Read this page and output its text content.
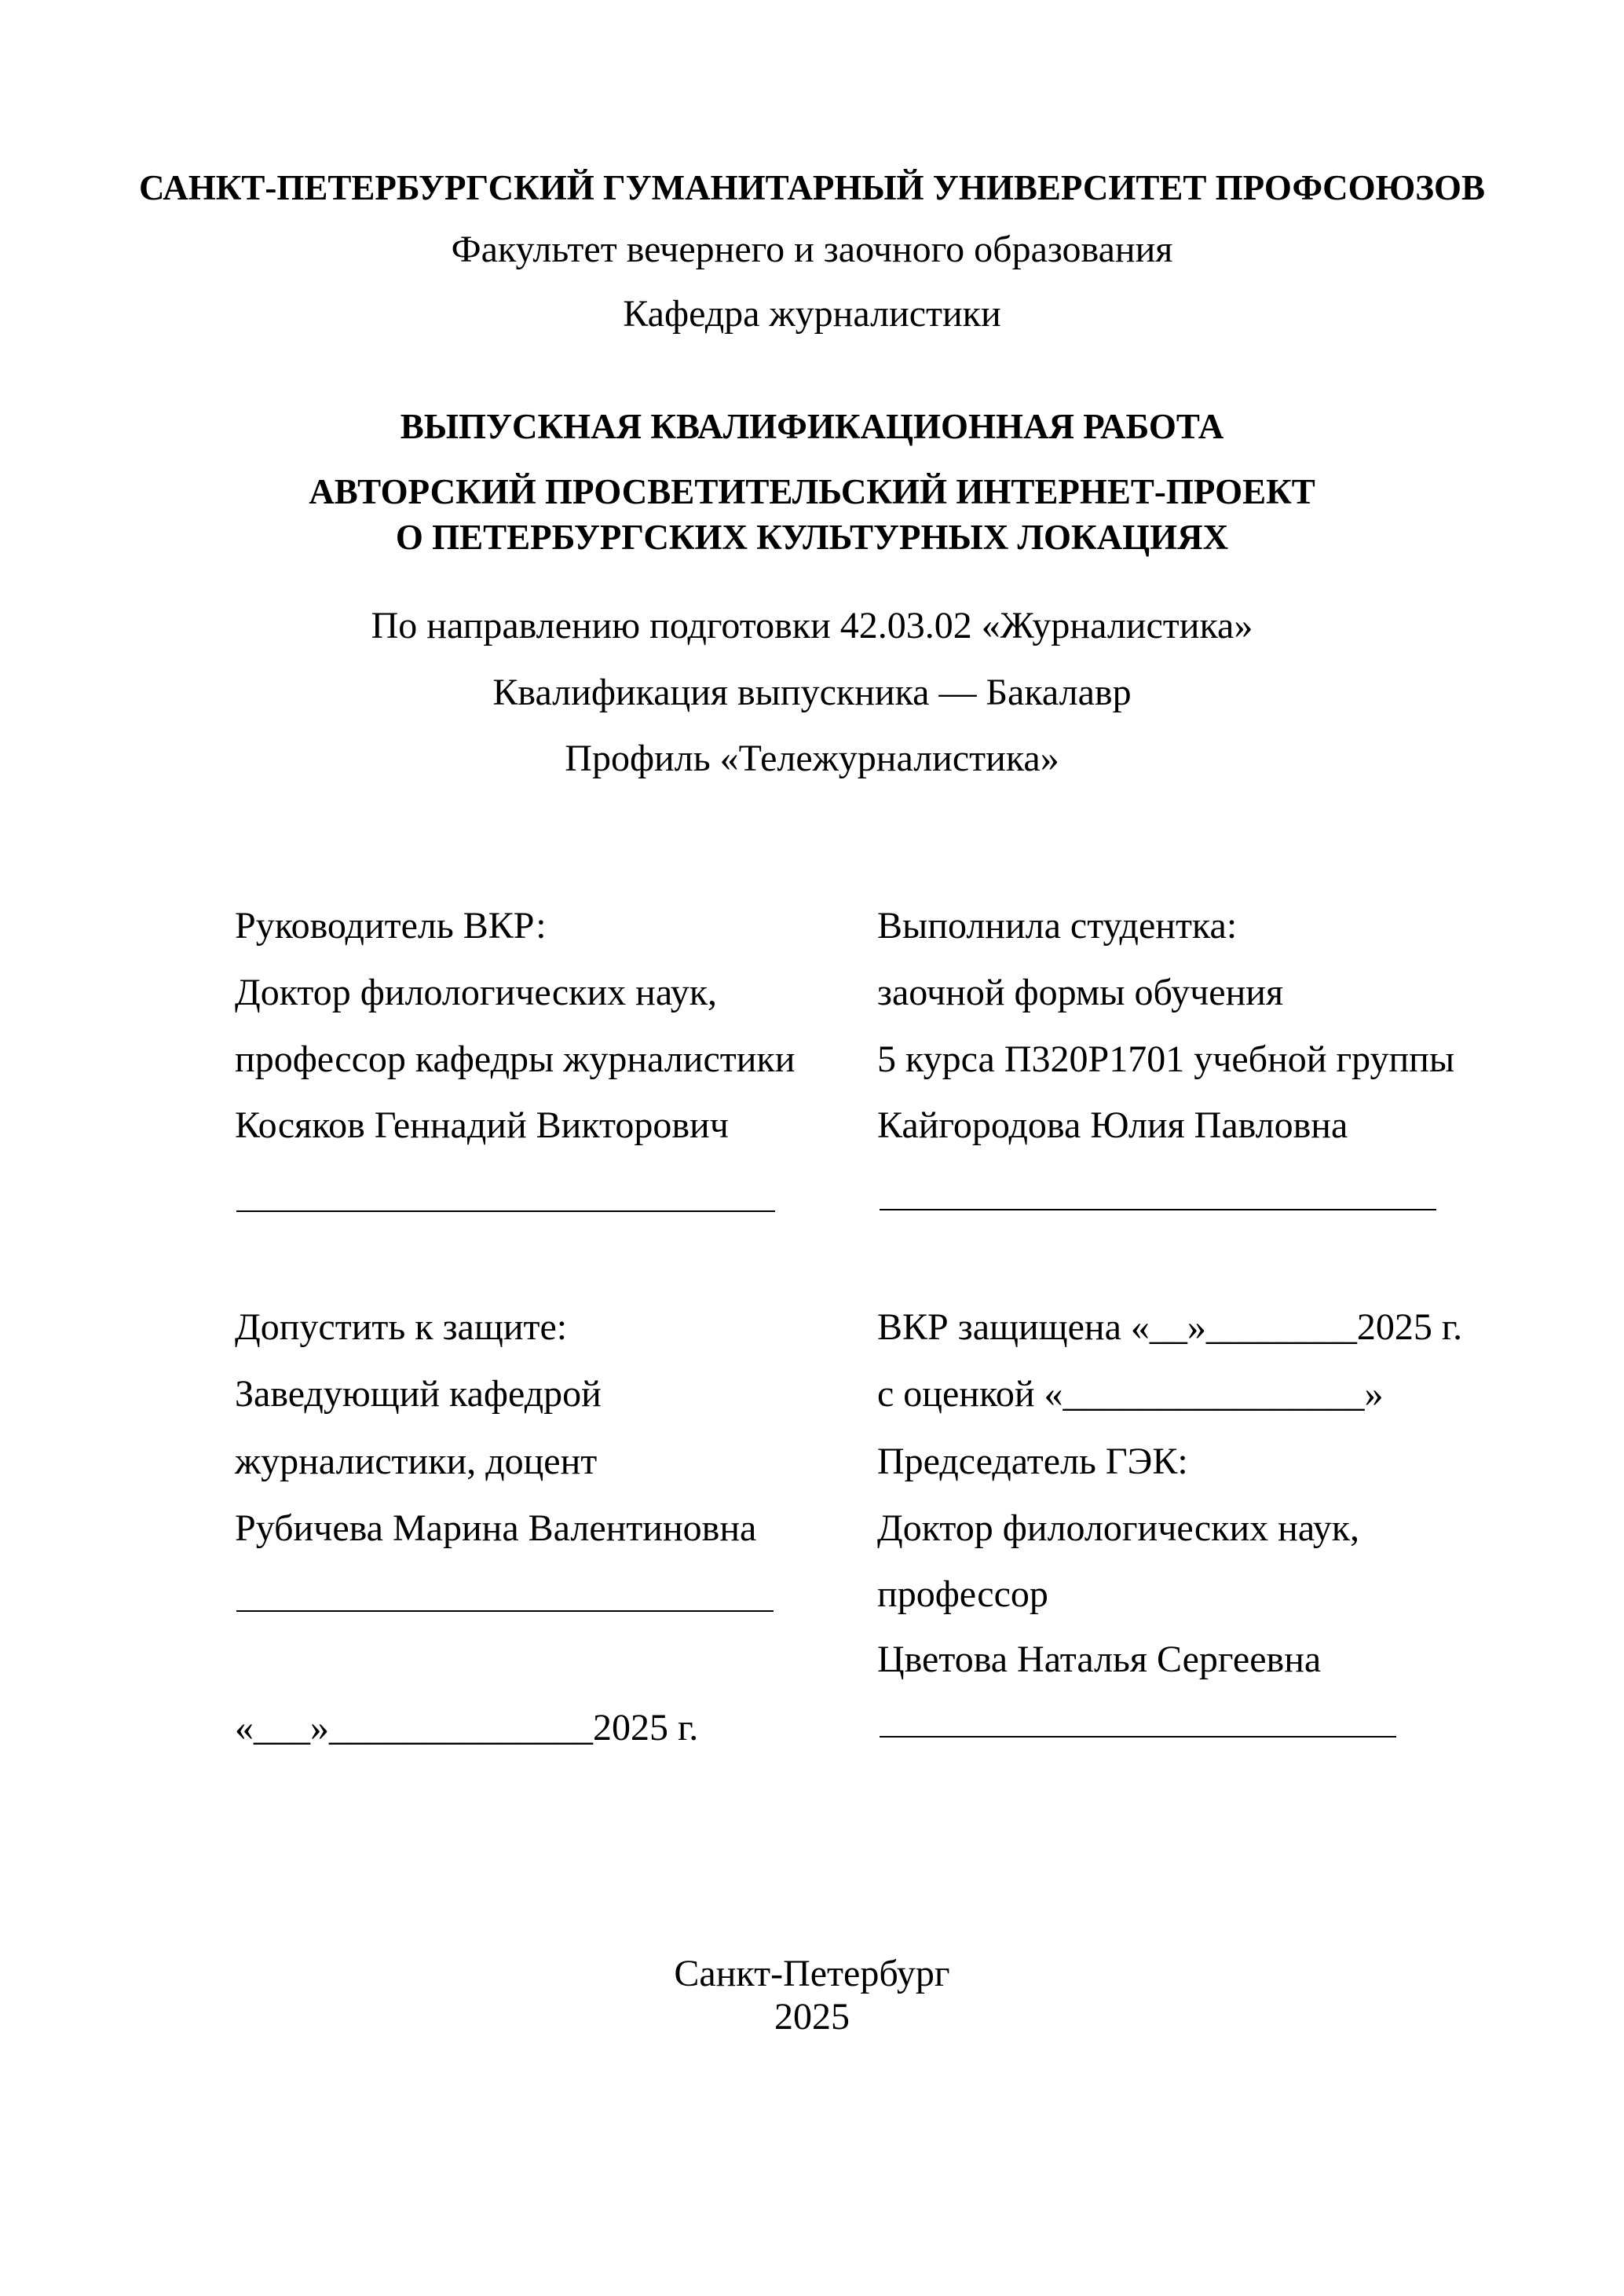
САНКТ-ПЕТЕРБУРГСКИЙ ГУМАНИТАРНЫЙ УНИВЕРСИТЕТ ПРОФСОЮЗОВ
Факультет вечернего и заочного образования
Кафедра журналистики
ВЫПУСКНАЯ КВАЛИФИКАЦИОННАЯ РАБОТА
АВТОРСКИЙ ПРОСВЕТИТЕЛЬСКИЙ ИНТЕРНЕТ-ПРОЕКТ
О ПЕТЕРБУРГСКИХ КУЛЬТУРНЫХ ЛОКАЦИЯХ
По направлению подготовки 42.03.02 «Журналистика»
Квалификация выпускника — Бакалавр
Профиль «Тележурналистика»
Руководитель ВКР:
Доктор филологических наук,
профессор кафедры журналистики
Косяков Геннадий Викторович
Выполнила студентка:
заочной формы обучения
5 курса П320Р1701 учебной группы
Кайгородова Юлия Павловна
Допустить к защите:
Заведующий кафедрой
журналистики, доцент
Рубичева Марина Валентиновна
«___»______________2025 г.
ВКР защищена «__»________2025 г.
с оценкой «________________»
Председатель ГЭК:
Доктор филологических наук,
профессор
Цветова Наталья Сергеевна
Санкт-Петербург
2025
